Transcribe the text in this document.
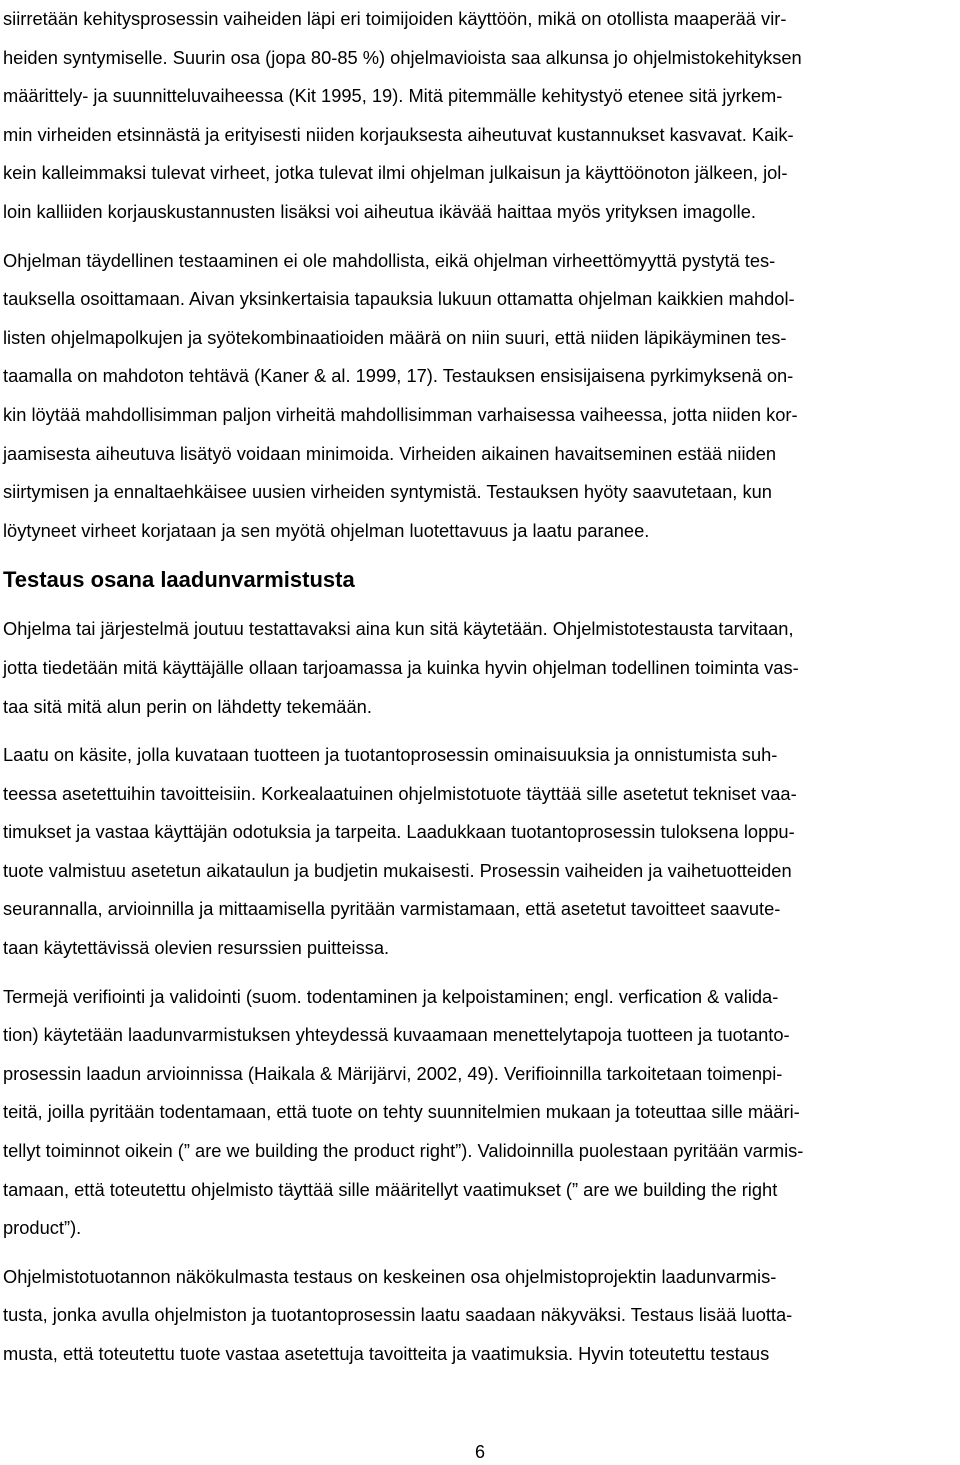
siirretään kehitysprosessin vaiheiden läpi eri toimijoiden käyttöön, mikä on otollista maaperää vir-
heiden syntymiselle. Suurin osa (jopa 80-85 %) ohjelmavioista saa alkunsa jo ohjelmistokehityksen
määrittely- ja suunnitteluvaiheessa (Kit 1995, 19). Mitä pitemmälle kehitystyö etenee sitä jyrkem-
min virheiden etsinnästä ja erityisesti niiden korjauksesta aiheutuvat kustannukset kasvavat. Kaik-
kein kalleimmaksi tulevat virheet, jotka tulevat ilmi ohjelman julkaisun ja käyttöönoton jälkeen, jol-
loin kalliiden korjauskustannusten lisäksi voi aiheutua ikävää haittaa myös yrityksen imagolle.
Ohjelman täydellinen testaaminen ei ole mahdollista, eikä ohjelman virheettömyyttä pystytä tes-
tauksella osoittamaan. Aivan yksinkertaisia tapauksia lukuun ottamatta ohjelman kaikkien mahdol-
listen ohjelmapolkujen ja syötekombinaatioiden määrä on niin suuri, että niiden läpikäyminen tes-
taamalla on mahdoton tehtävä (Kaner & al. 1999, 17). Testauksen ensisijaisena pyrkimyksenä on-
kin löytää mahdollisimman paljon virheitä mahdollisimman varhaisessa vaiheessa, jotta niiden kor-
jaamisesta aiheutuva lisätyö voidaan minimoida. Virheiden aikainen havaitseminen estää niiden
siirtymisen ja ennaltaehkäisee uusien virheiden syntymistä. Testauksen hyöty saavutetaan, kun
löytyneet virheet korjataan ja sen myötä ohjelman luotettavuus ja laatu paranee.
Testaus osana laadunvarmistusta
Ohjelma tai järjestelmä joutuu testattavaksi aina kun sitä käytetään. Ohjelmistotestausta tarvitaan,
jotta tiedetään mitä käyttäjälle ollaan tarjoamassa ja kuinka hyvin ohjelman todellinen toiminta vas-
taa sitä mitä alun perin on lähdetty tekemään.
Laatu on käsite, jolla kuvataan tuotteen ja tuotantoprosessin ominaisuuksia ja onnistumista suh-
teessa asetettuihin tavoitteisiin. Korkealaatuinen ohjelmistotuote täyttää sille asetetut tekniset vaa-
timukset ja vastaa käyttäjän odotuksia ja tarpeita. Laadukkaan tuotantoprosessin tuloksena loppu-
tuote valmistuu asetetun aikataulun ja budjetin mukaisesti. Prosessin vaiheiden ja vaihetuotteiden
seurannalla, arvioinnilla ja mittaamisella pyritään varmistamaan, että asetetut tavoitteet saavute-
taan käytettävissä olevien resurssien puitteissa.
Termejä verifiointi ja validointi (suom. todentaminen ja kelpoistaminen; engl. verfication & valida-
tion) käytetään laadunvarmistuksen yhteydessä kuvaamaan menettelytapoja tuotteen ja tuotanto-
prosessin laadun arvioinnissa (Haikala & Märijärvi, 2002, 49). Verifioinnilla tarkoitetaan toimenpi-
teitä, joilla pyritään todentamaan, että tuote on tehty suunnitelmien mukaan ja toteuttaa sille määri-
tellyt toiminnot oikein (” are we building the product right”). Validoinnilla puolestaan pyritään varmis-
tamaan, että toteutettu ohjelmisto täyttää sille määritellyt vaatimukset (” are we building the right
product”).
Ohjelmistotuotannon näkökulmasta testaus on keskeinen osa ohjelmistoprojektin laadunvarmis-
tusta, jonka avulla ohjelmiston ja tuotantoprosessin laatu saadaan näkyväksi. Testaus lisää luotta-
musta, että toteutettu tuote vastaa asetettuja tavoitteita ja vaatimuksia. Hyvin toteutettu testaus
6
